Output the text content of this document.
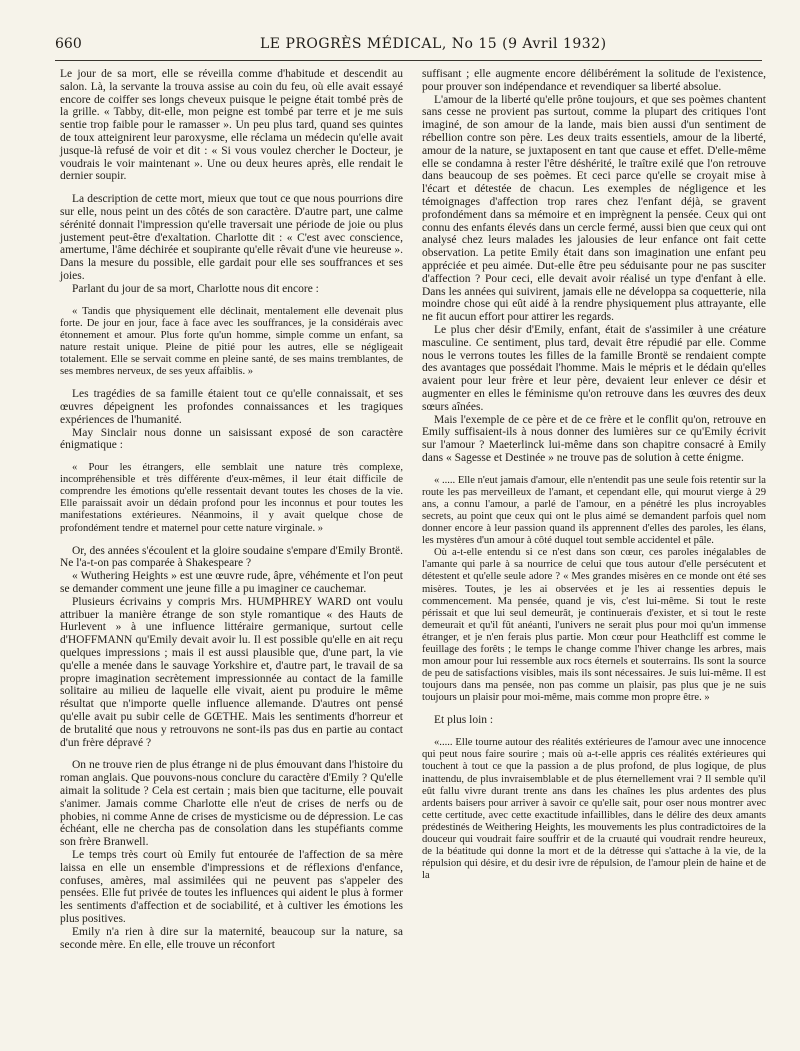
660	LE PROGRÈS MÉDICAL, No 15 (9 Avril 1932)

Le jour de sa mort, elle se réveilla comme d'habitude et descendit au salon. Là, la servante la trouva assise au coin du feu, où elle avait essayé encore de coiffer ses longs cheveux puisque le peigne était tombé près de la grille. « Tabby, dit-elle, mon peigne est tombé par terre et je me suis sentie trop faible pour le ramasser ». Un peu plus tard, quand ses quintes de toux atteignirent leur paroxysme, elle réclama un médecin qu'elle avait jusque-là refusé de voir et dit : « Si vous voulez chercher le Docteur, je voudrais le voir maintenant ». Une ou deux heures après, elle rendait le dernier soupir.

La description de cette mort, mieux que tout ce que nous pourrions dire sur elle, nous peint un des côtés de son caractère. D'autre part, une calme sérénité donnait l'impression qu'elle traversait une période de joie ou plus justement peut-être d'exaltation. Charlotte dit : « C'est avec conscience, amertume, l'âme déchirée et soupirante qu'elle rêvait d'une vie heureuse ». Dans la mesure du possible, elle gardait pour elle ses souffrances et ses joies.

Parlant du jour de sa mort, Charlotte nous dit encore :

« Tandis que physiquement elle déclinait, mentalement elle devenait plus forte. De jour en jour, face à face avec les souffrances, je la considérais avec étonnement et amour. Plus forte qu'un homme, simple comme un enfant, sa nature restait unique. Pleine de pitié pour les autres, elle se négligeait totalement. Elle se servait comme en pleine santé, de ses mains tremblantes, de ses membres nerveux, de ses yeux affaiblis. »

Les tragédies de sa famille étaient tout ce qu'elle connaissait, et ses œuvres dépeignent les profondes connaissances et les tragiques expériences de l'humanité.

May Sinclair nous donne un saisissant exposé de son caractère énigmatique :

« Pour les étrangers, elle semblait une nature très complexe, incompréhensible et très différente d'eux-mêmes, il leur était difficile de comprendre les émotions qu'elle ressentait devant toutes les choses de la vie. Elle paraissait avoir un dédain profond pour les inconnus et pour toutes les manifestations extérieures. Néanmoins, il y avait quelque chose de profondément tendre et maternel pour cette nature virginale. »

Or, des années s'écoulent et la gloire soudaine s'empare d'Emily Brontë. Ne l'a-t-on pas comparée à Shakespeare ?

« Wuthering Heights » est une œuvre rude, âpre, véhémente et l'on peut se demander comment une jeune fille a pu imaginer ce cauchemar.

Plusieurs écrivains y compris Mrs. HUMPHREY WARD ont voulu attribuer la manière étrange de son style romantique « des Hauts de Hurlevent » à une influence littéraire germanique, surtout celle d'HOFFMANN qu'Emily devait avoir lu. Il est possible qu'elle en ait reçu quelques impressions ; mais il est aussi plausible que, d'une part, la vie qu'elle a menée dans le sauvage Yorkshire et, d'autre part, le travail de sa propre imagination secrètement impressionnée au contact de la famille solitaire au milieu de laquelle elle vivait, aient pu produire le même résultat que n'importe quelle influence allemande. D'autres ont pensé qu'elle avait pu subir celle de GŒTHE. Mais les sentiments d'horreur et de brutalité que nous y retrouvons ne sont-ils pas dus en partie au contact d'un frère dépravé ?

On ne trouve rien de plus étrange ni de plus émouvant dans l'histoire du roman anglais. Que pouvons-nous conclure du caractère d'Emily ? Qu'elle aimait la solitude ? Cela est certain ; mais bien que taciturne, elle pouvait s'animer. Jamais comme Charlotte elle n'eut de crises de nerfs ou de phobies, ni comme Anne de crises de mysticisme ou de dépression. Le cas échéant, elle ne chercha pas de consolation dans les stupéfiants comme son frère Branwell.

Le temps très court où Emily fut entourée de l'affection de sa mère laissa en elle un ensemble d'impressions et de réflexions d'enfance, confuses, amères, mal assimilées qui ne peuvent pas s'appeler des pensées. Elle fut privée de toutes les influences qui aident le plus à former les sentiments d'affection et de sociabilité, et à cultiver les émotions les plus positives.

Emily n'a rien à dire sur la maternité, beaucoup sur la nature, sa seconde mère. En elle, elle trouve un réconfort

suffisant ; elle augmente encore délibérément la solitude de l'existence, pour prouver son indépendance et revendiquer sa liberté absolue.

L'amour de la liberté qu'elle prône toujours, et que ses poèmes chantent sans cesse ne provient pas surtout, comme la plupart des critiques l'ont imaginé, de son amour de la lande, mais bien aussi d'un sentiment de rébellion contre son père. Les deux traits essentiels, amour de la liberté, amour de la nature, se juxtaposent en tant que cause et effet. D'elle-même elle se condamna à rester l'être déshérité, le traître exilé que l'on retrouve dans beaucoup de ses poèmes. Et ceci parce qu'elle se croyait mise à l'écart et détestée de chacun. Les exemples de négligence et les témoignages d'affection trop rares chez l'enfant déjà, se gravent profondément dans sa mémoire et en imprègnent la pensée. Ceux qui ont connu des enfants élevés dans un cercle fermé, aussi bien que ceux qui ont analysé chez leurs malades les jalousies de leur enfance ont fait cette observation. La petite Emily était dans son imagination une enfant peu appréciée et peu aimée. Dut-elle être peu séduisante pour ne pas susciter d'affection ? Pour ceci, elle devait avoir réalisé un type d'enfant à elle. Dans les années qui suivirent, jamais elle ne développa sa coquetterie, nila moindre chose qui eût aidé à la rendre physiquement plus attrayante, elle ne fit aucun effort pour attirer les regards.

Le plus cher désir d'Emily, enfant, était de s'assimiler à une créature masculine. Ce sentiment, plus tard, devait être répudié par elle. Comme nous le verrons toutes les filles de la famille Brontë se rendaient compte des avantages que possédait l'homme. Mais le mépris et le dédain qu'elles avaient pour leur frère et leur père, devaient leur enlever ce désir et augmenter en elles le féminisme qu'on retrouve dans les œuvres des deux sœurs aînées.

Mais l'exemple de ce père et de ce frère et le conflit qu'on, retrouve en Emily suffisaient-ils à nous donner des lumières sur ce qu'Emily écrivit sur l'amour ? Maeterlinck lui-même dans son chapitre consacré à Emily dans « Sagesse et Destinée » ne trouve pas de solution à cette énigme.

« ..... Elle n'eut jamais d'amour, elle n'entendit pas une seule fois retentir sur la route les pas merveilleux de l'amant, et cependant elle, qui mourut vierge à 29 ans, a connu l'amour, a parlé de l'amour, en a pénétré les plus incroyables secrets, au point que ceux qui ont le plus aimé se demandent parfois quel nom donner encore à leur passion quand ils apprennent d'elles des paroles, les élans, les mystères d'un amour à côté duquel tout semble accidentel et pâle.

Où a-t-elle entendu si ce n'est dans son cœur, ces paroles inégalables de l'amante qui parle à sa nourrice de celui que tous autour d'elle persécutent et détestent et qu'elle seule adore ? « Mes grandes misères en ce monde ont été ses misères. Toutes, je les ai observées et je les ai ressenties depuis le commencement. Ma pensée, quand je vis, c'est lui-même. Si tout le reste périssait et que lui seul demeurât, je continuerais d'exister, et si tout le reste demeurait et qu'il fût anéanti, l'univers ne serait plus pour moi qu'un immense étranger, et je n'en ferais plus partie. Mon cœur pour Heathcliff est comme le feuillage des forêts ; le temps le change comme l'hiver change les arbres, mais mon amour pour lui ressemble aux rocs éternels et souterrains. Ils sont la source de peu de satisfactions visibles, mais ils sont nécessaires. Je suis lui-même. Il est toujours dans ma pensée, non pas comme un plaisir, pas plus que je ne suis toujours un plaisir pour moi-même, mais comme mon propre être. »

Et plus loin :

«..... Elle tourne autour des réalités extérieures de l'amour avec une innocence qui peut nous faire sourire ; mais où a-t-elle appris ces réalités extérieures qui touchent à tout ce que la passion a de plus profond, de plus logique, de plus inattendu, de plus invraisemblable et de plus éternellement vrai ? Il semble qu'il eût fallu vivre durant trente ans dans les chaînes les plus ardentes des plus ardents baisers pour arriver à savoir ce qu'elle sait, pour oser nous montrer avec cette certitude, avec cette exactitude infaillibles, dans le délire des deux amants prédestinés de Weithering Heights, les mouvements les plus contradictoires de la douceur qui voudrait faire souffrir et de la cruauté qui voudrait rendre heureux, de la béatitude qui donne la mort et de la détresse qui s'attache à la vie, de la répulsion qui désire, et du desir ivre de répulsion, de l'amour plein de haine et de la
